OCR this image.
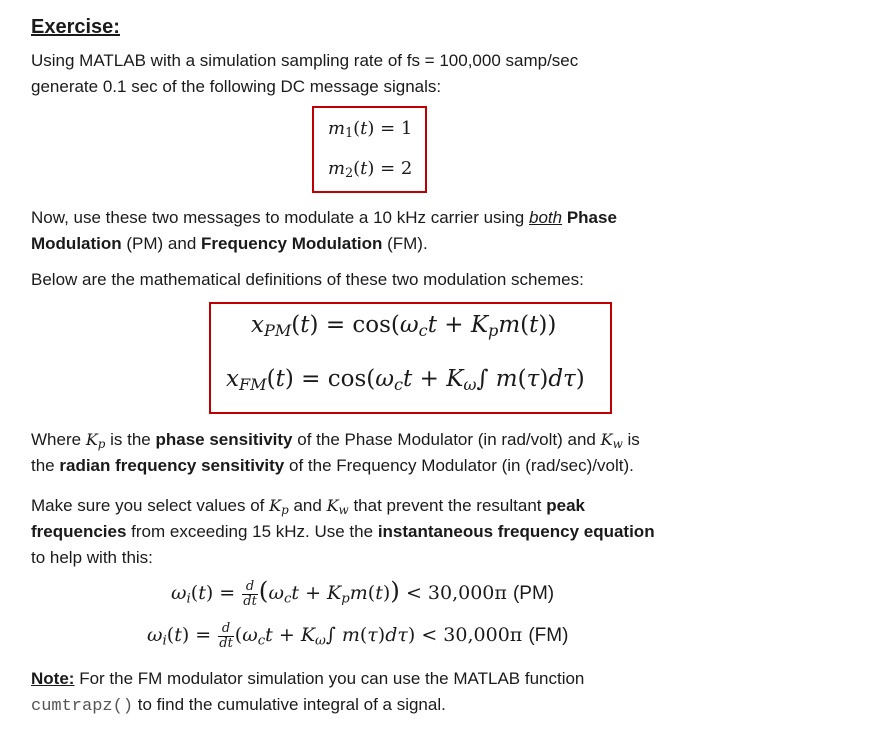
Exercise:
Using MATLAB with a simulation sampling rate of fs = 100,000 samp/sec
generate 0.1 sec of the following DC message signals:
$m_1(t) = 1$
$m_2(t) = 2$
Now, use these two messages to modulate a 10 kHz carrier using both Phase
Modulation (PM) and Frequency Modulation (FM).
Below are the mathematical definitions of these two modulation schemes:
$x_{PM}(t) = \cos(\omega_ct + K_pm(t))$
$x_{FM}(t) = \cos(\omega_ct + K_\omega\int$ m(τ)dτ)
Where $K_p$ is the phase sensitivity of the Phase Modulator (in rad/volt) and $K_w$ is
the radian frequency sensitivity of the Frequency Modulator (in (rad/sec)/volt).
Make sure you select values of $K_p$ and $K_w$ that prevent the resultant peak
frequencies from exceeding 15 kHz. Use the instantaneous frequency equation
to help with this:
$\omega_i(t) = \frac{d}{dt} (\omega_ct + K_pm(t)) < 30,000\pi$ (PM)
$\omega_i(t) = \frac{d}{dt} (\omega_ct + K_\omega\int$ m(τ)dτ) < 30,000π (FM)
Note: For the FM modulator simulation you can use the MATLAB function
cumtrapz() to find the cumulative integral of a signal.
